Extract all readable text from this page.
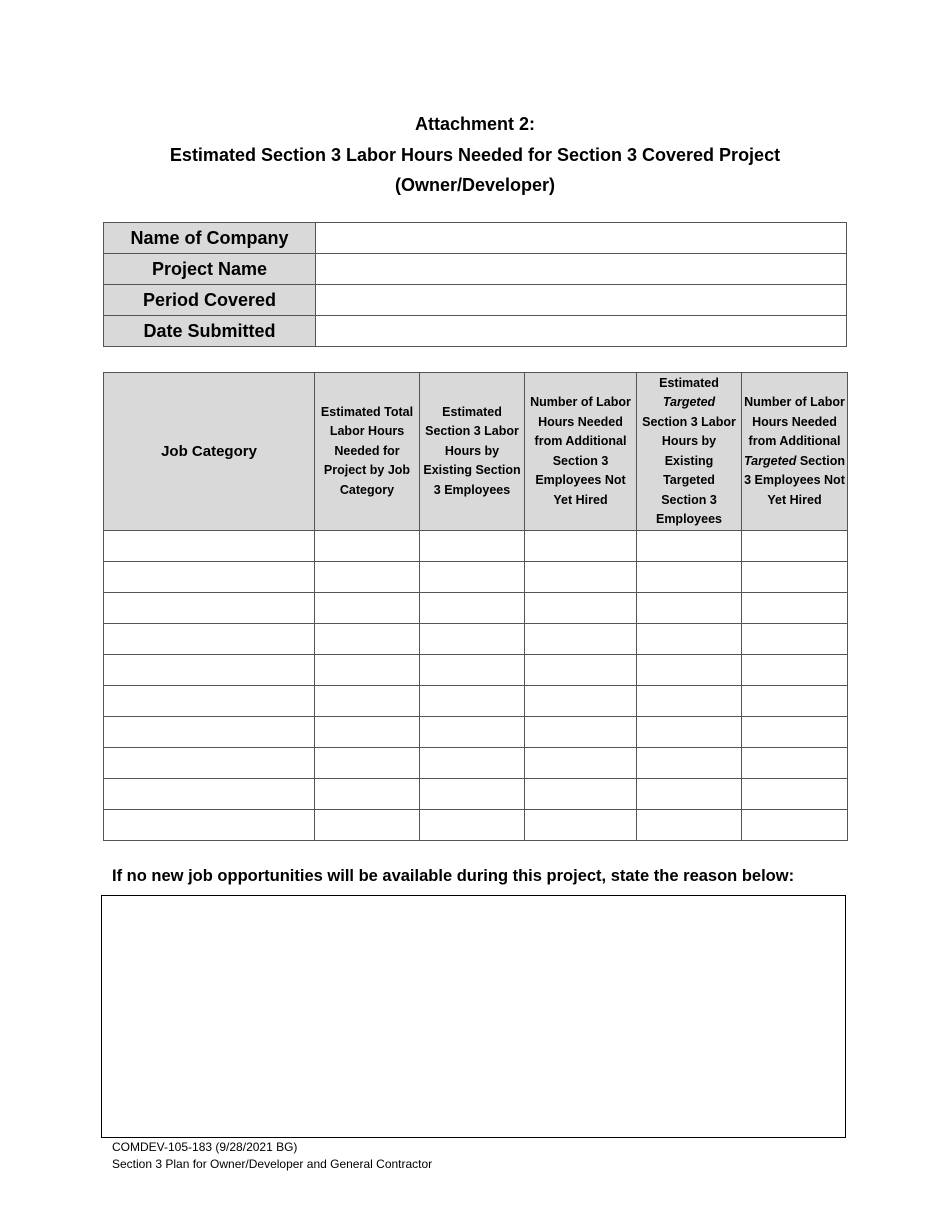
Attachment 2:
Estimated Section 3 Labor Hours Needed for Section 3 Covered Project
(Owner/Developer)
Name of Company	
Project Name	
Period Covered	
Date Submitted	
Job Category	Estimated Total Labor Hours Needed for Project by Job Category	Estimated Section 3 Labor Hours by Existing Section 3 Employees	Number of Labor Hours Needed from Additional Section 3 Employees Not Yet Hired	Estimated Targeted Section 3 Labor Hours by Existing Targeted Section 3 Employees	Number of Labor Hours Needed from Additional Targeted Section 3 Employees Not Yet Hired

If no new job opportunities will be available during this project, state the reason below:
COMDEV-105-183 (9/28/2021 BG)
Section 3 Plan for Owner/Developer and General Contractor
